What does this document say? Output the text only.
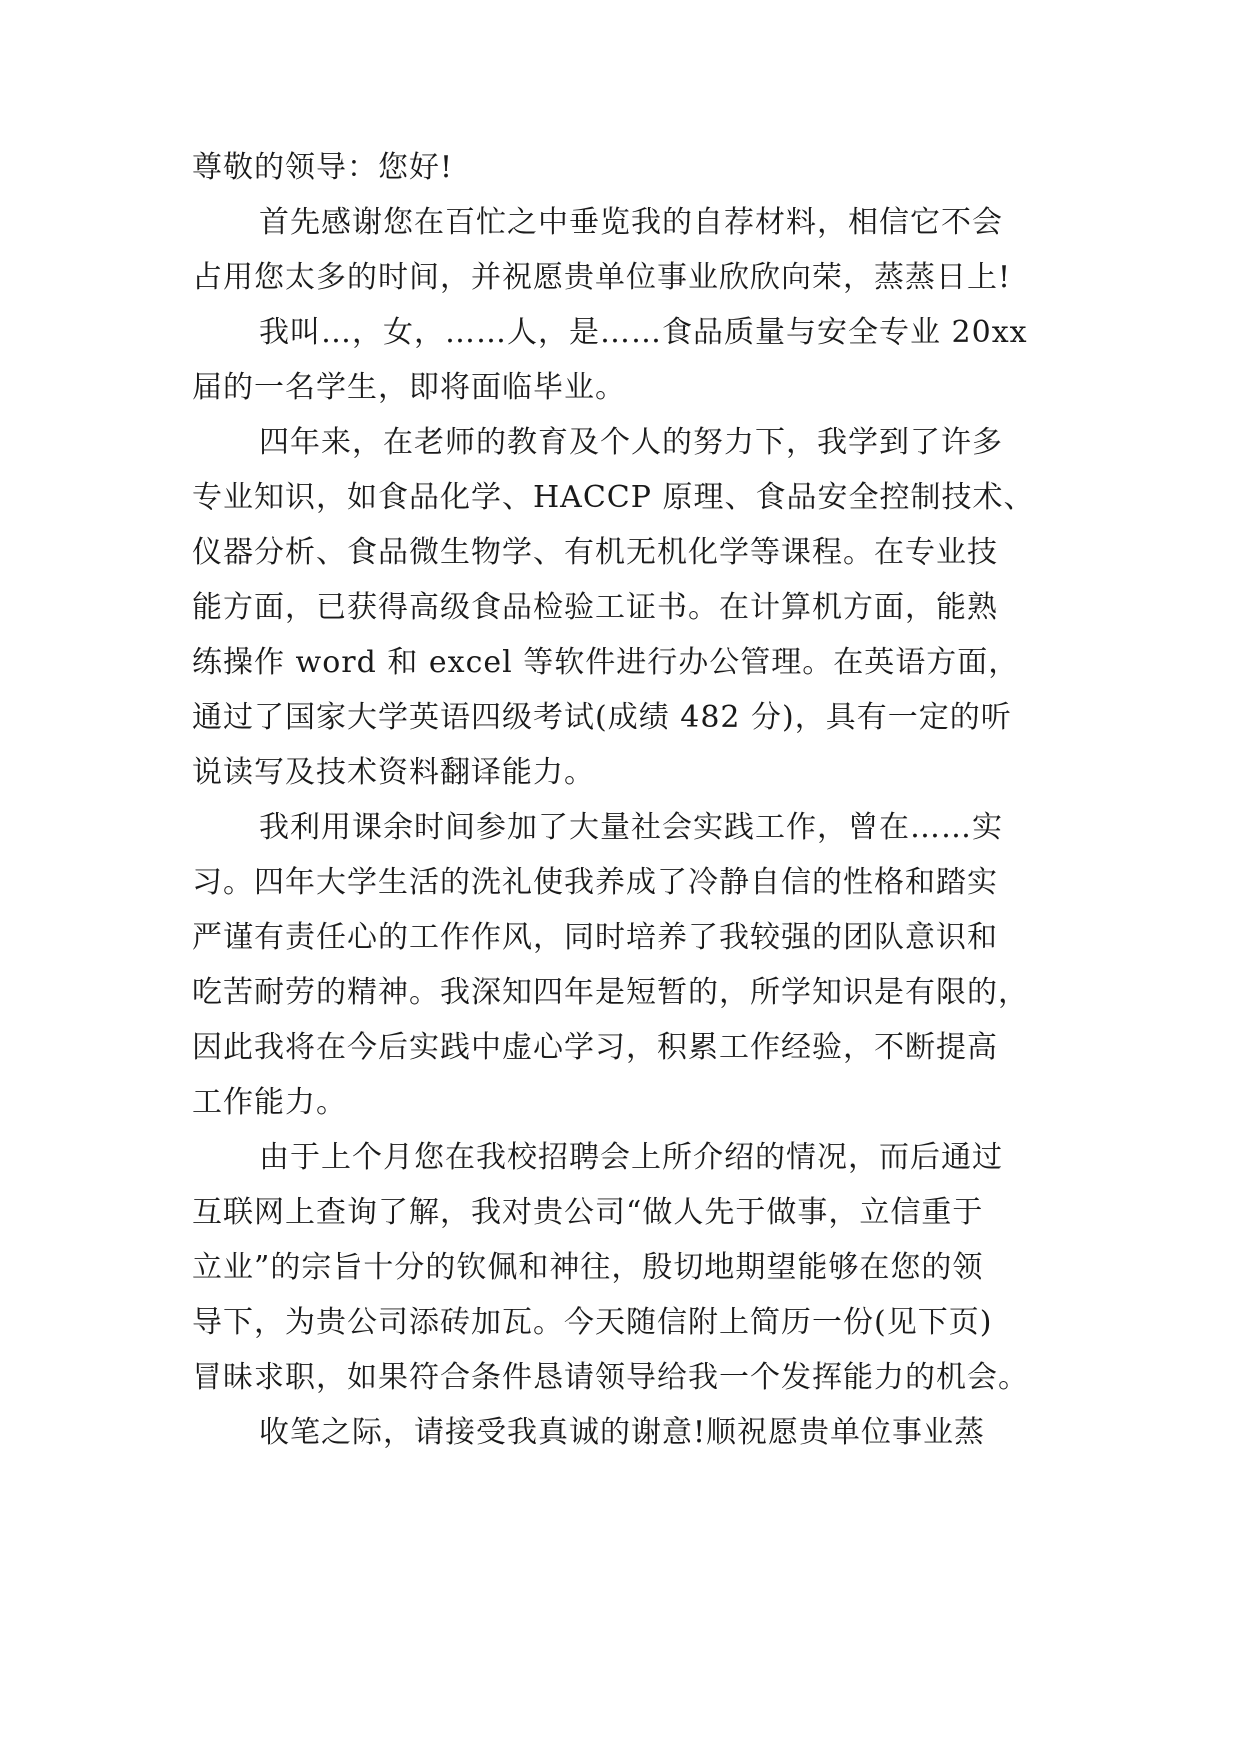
尊敬的领导：您好!
首先感谢您在百忙之中垂览我的自荐材料，相信它不会
占用您太多的时间，并祝愿贵单位事业欣欣向荣，蒸蒸日上!
我叫…，女，……人，是……食品质量与安全专业 20xx
届的一名学生，即将面临毕业。
四年来，在老师的教育及个人的努力下，我学到了许多
专业知识，如食品化学、HACCP 原理、食品安全控制技术、
仪器分析、食品微生物学、有机无机化学等课程。在专业技
能方面，已获得高级食品检验工证书。在计算机方面，能熟
练操作 word 和 excel 等软件进行办公管理。在英语方面，
通过了国家大学英语四级考试(成绩 482 分)，具有一定的听
说读写及技术资料翻译能力。
我利用课余时间参加了大量社会实践工作，曾在……实
习。四年大学生活的洗礼使我养成了冷静自信的性格和踏实
严谨有责任心的工作作风，同时培养了我较强的团队意识和
吃苦耐劳的精神。我深知四年是短暂的，所学知识是有限的，
因此我将在今后实践中虚心学习，积累工作经验，不断提高
工作能力。
由于上个月您在我校招聘会上所介绍的情况，而后通过
互联网上查询了解，我对贵公司“做人先于做事，立信重于
立业”的宗旨十分的钦佩和神往，殷切地期望能够在您的领
导下，为贵公司添砖加瓦。今天随信附上简历一份(见下页)
冒昧求职，如果符合条件恳请领导给我一个发挥能力的机会。
收笔之际，请接受我真诚的谢意!顺祝愿贵单位事业蒸
